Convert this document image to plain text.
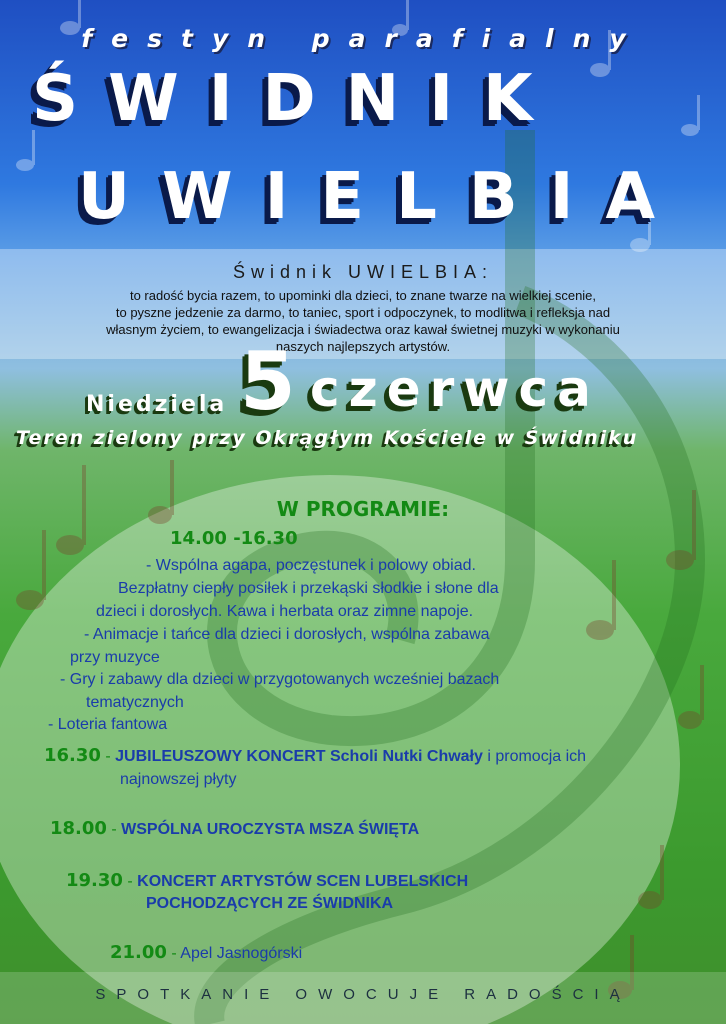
festyn parafialny
ŚWIDNIK
UWIELBIA
Świdnik UWIELBIA:
to radość bycia razem, to upominki dla dzieci, to znane twarze na wielkiej scenie,
to pyszne jedzenie za darmo, to taniec, sport i odpoczynek, to modlitwa i refleksja nad
własnym życiem, to ewangelizacja i świadectwa oraz kawał świetnej muzyki w wykonaniu
naszych najlepszych artystów.
Niedziela 5 czerwca
Teren zielony przy Okrągłym Kościele w Świdniku
W PROGRAMIE:
14.00 -16.30
- Wspólna agapa, poczęstunek i polowy obiad.
Bezpłatny ciepły posiłek i przekąski słodkie i słone dla
dzieci i dorosłych. Kawa i herbata oraz zimne napoje.
- Animacje i tańce dla dzieci i dorosłych, wspólna zabawa
przy muzyce
- Gry i zabawy dla dzieci w przygotowanych wcześniej bazach
tematycznych
- Loteria fantowa
16.30 - JUBILEUSZOWY KONCERT Scholi Nutki Chwały i promocja ich
najnowszej płyty
18.00 - WSPÓLNA UROCZYSTA MSZA ŚWIĘTA
19.30 - KONCERT ARTYSTÓW SCEN LUBELSKICH
POCHODZĄCYCH ZE ŚWIDNIKA
21.00 - Apel Jasnogórski
SPOTKANIE OWOCUJE RADOŚCIĄ
